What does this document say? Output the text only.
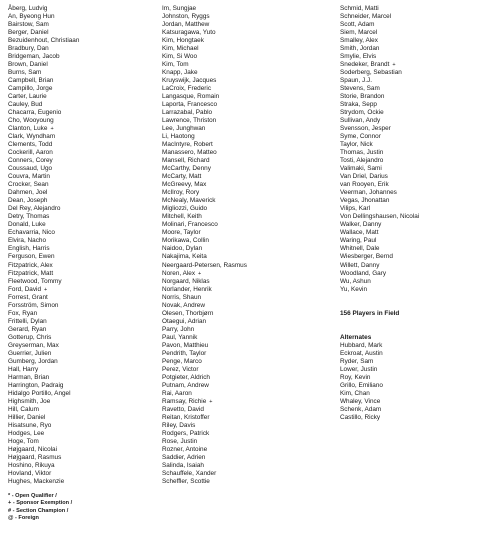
Åberg, Ludvig
An, Byeong Hun
Bairstow, Sam
Berger, Daniel
Bezuidenhout, Christiaan
Bradbury, Dan
Bridgeman, Jacob
Brown, Daniel
Burns, Sam
Campbell, Brian
Campillo, Jorge
Carter, Laurie
Cauley, Bud
Chacarra, Eugenio
Cho, Wooyoung
Clanton, Luke +
Clark, Wyndham
Clements, Todd
Cockerill, Aaron
Conners, Corey
Coussaud, Ugo
Couvra, Martin
Crocker, Sean
Dahmen, Joel
Dean, Joseph
Del Rey, Alejandro
Detry, Thomas
Donald, Luke
Echavarria, Nico
Elvira, Nacho
English, Harris
Ferguson, Ewen
Fitzpatrick, Alex
Fitzpatrick, Matt
Fleetwood, Tommy
Ford, David +
Forrest, Grant
Forsström, Simon
Fox, Ryan
Frittelli, Dylan
Gerard, Ryan
Gotterup, Chris
Greyserman, Max
Guerrier, Julien
Gumberg, Jordan
Hall, Harry
Harman, Brian
Harrington, Padraig
Hidalgo Portillo, Angel
Highsmith, Joe
Hill, Calum
Hillier, Daniel
Hisatsune, Ryo
Hodges, Lee
Hoge, Tom
Højgaard, Nicolai
Højgaard, Rasmus
Hoshino, Rikuya
Hovland, Viktor
Hughes, Mackenzie
Im, Sungjae
Johnston, Ryggs
Jordan, Matthew
Katsuragawa, Yuto
Kim, Hongtaek
Kim, Michael
Kim, Si Woo
Kim, Tom
Knapp, Jake
Kruyswijk, Jacques
LaCroix, Frederic
Langasque, Romain
Laporta, Francesco
Larrazabal, Pablo
Lawrence, Thriston
Lee, Junghwan
Li, Haotong
MacIntyre, Robert
Manassero, Matteo
Mansell, Richard
McCarthy, Denny
McCarty, Matt
McGreevy, Max
McIlroy, Rory
McNealy, Maverick
Migliozzi, Guido
Mitchell, Keith
Molinari, Francesco
Moore, Taylor
Morikawa, Collin
Naidoo, Dylan
Nakajima, Keita
Neergaard-Petersen, Rasmus
Noren, Alex +
Norgaard, Niklas
Norlander, Henrik
Norris, Shaun
Novak, Andrew
Olesen, Thorbjørn
Otaegui, Adrian
Parry, John
Paul, Yannik
Pavon, Matthieu
Pendrith, Taylor
Penge, Marco
Perez, Victor
Potgieter, Aldrich
Putnam, Andrew
Rai, Aaron
Ramsay, Richie +
Ravetto, David
Reitan, Kristoffer
Riley, Davis
Rodgers, Patrick
Rose, Justin
Rozner, Antoine
Saddier, Adrien
Salinda, Isaiah
Schauffele, Xander
Scheffler, Scottie
Schmid, Matti
Schneider, Marcel
Scott, Adam
Siem, Marcel
Smalley, Alex
Smith, Jordan
Smylie, Elvis
Snedeker, Brandt +
Soderberg, Sebastian
Spaun, J.J.
Stevens, Sam
Storie, Brandon
Straka, Sepp
Strydom, Ockie
Sullivan, Andy
Svensson, Jesper
Syme, Connor
Taylor, Nick
Thomas, Justin
Tosti, Alejandro
Valimaki, Sami
Van Driel, Darius
van Rooyen, Erik
Veerman, Johannes
Vegas, Jhonattan
Vilips, Karl
Von Dellingshausen, Nicolai
Walker, Danny
Wallace, Matt
Waring, Paul
Whitnell, Dale
Wiesberger, Bernd
Willett, Danny
Woodland, Gary
Wu, Ashun
Yu, Kevin
156 Players in Field
Alternates
Hubbard, Mark
Eckroat, Austin
Ryder, Sam
Lower, Justin
Roy, Kevin
Grillo, Emiliano
Kim, Chan
Whaley, Vince
Schenk, Adam
Castillo, Ricky
* - Open Qualifier /
+ - Sponsor Exemption /
# - Section Champion /
@ - Foreign
